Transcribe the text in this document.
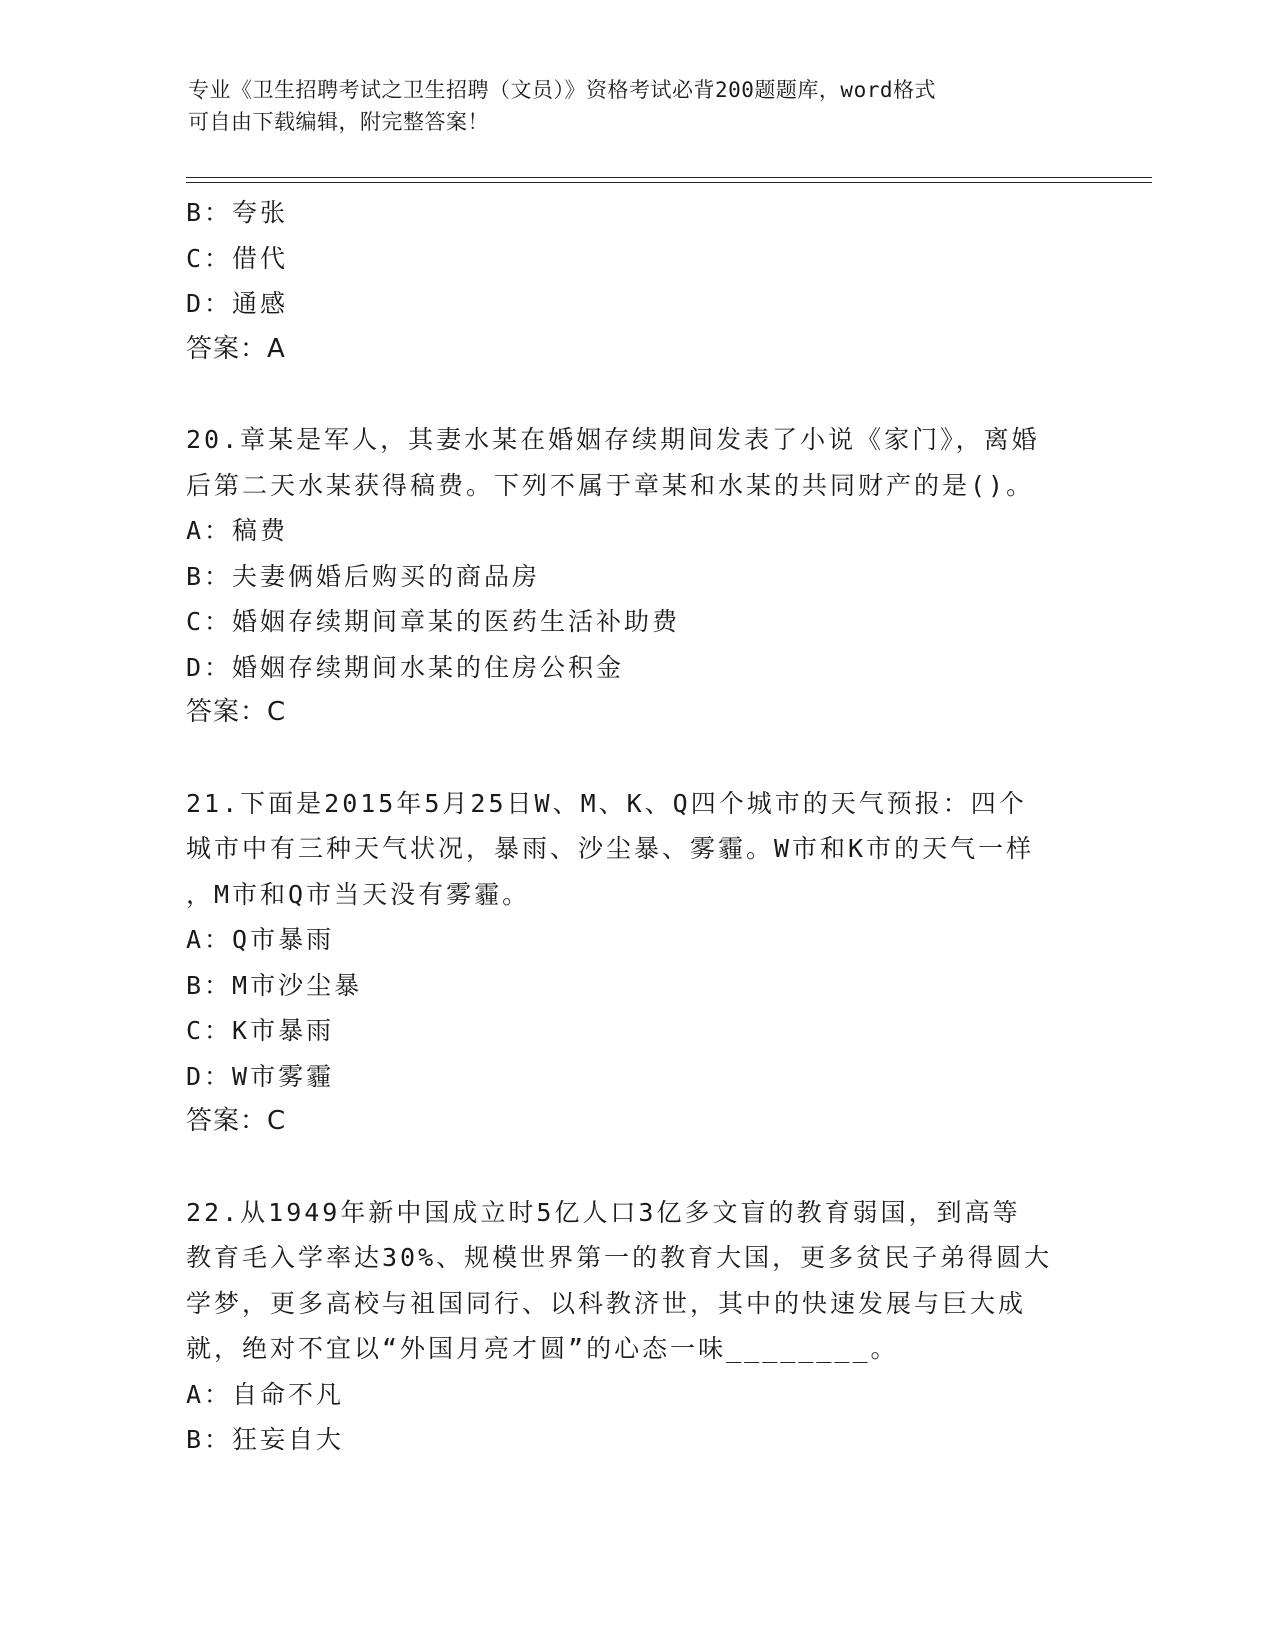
专业《卫生招聘考试之卫生招聘（文员）》资格考试必背200题题库，word格式
可自由下载编辑，附完整答案！
B：夸张
C：借代
D：通感
答案：A
20.章某是军人，其妻水某在婚姻存续期间发表了小说《家门》，离婚
后第二天水某获得稿费。下列不属于章某和水某的共同财产的是()。
A：稿费
B：夫妻俩婚后购买的商品房
C：婚姻存续期间章某的医药生活补助费
D：婚姻存续期间水某的住房公积金
答案：C
21.下面是2015年5月25日W、M、K、Q四个城市的天气预报：四个
城市中有三种天气状况，暴雨、沙尘暴、雾霾。W市和K市的天气一样
，M市和Q市当天没有雾霾。
A：Q市暴雨
B：M市沙尘暴
C：K市暴雨
D：W市雾霾
答案：C
22.从1949年新中国成立时5亿人口3亿多文盲的教育弱国，到高等
教育毛入学率达30%、规模世界第一的教育大国，更多贫民子弟得圆大
学梦，更多高校与祖国同行、以科教济世，其中的快速发展与巨大成
就，绝对不宜以“外国月亮才圆”的心态一味________。
A：自命不凡
B：狂妄自大
